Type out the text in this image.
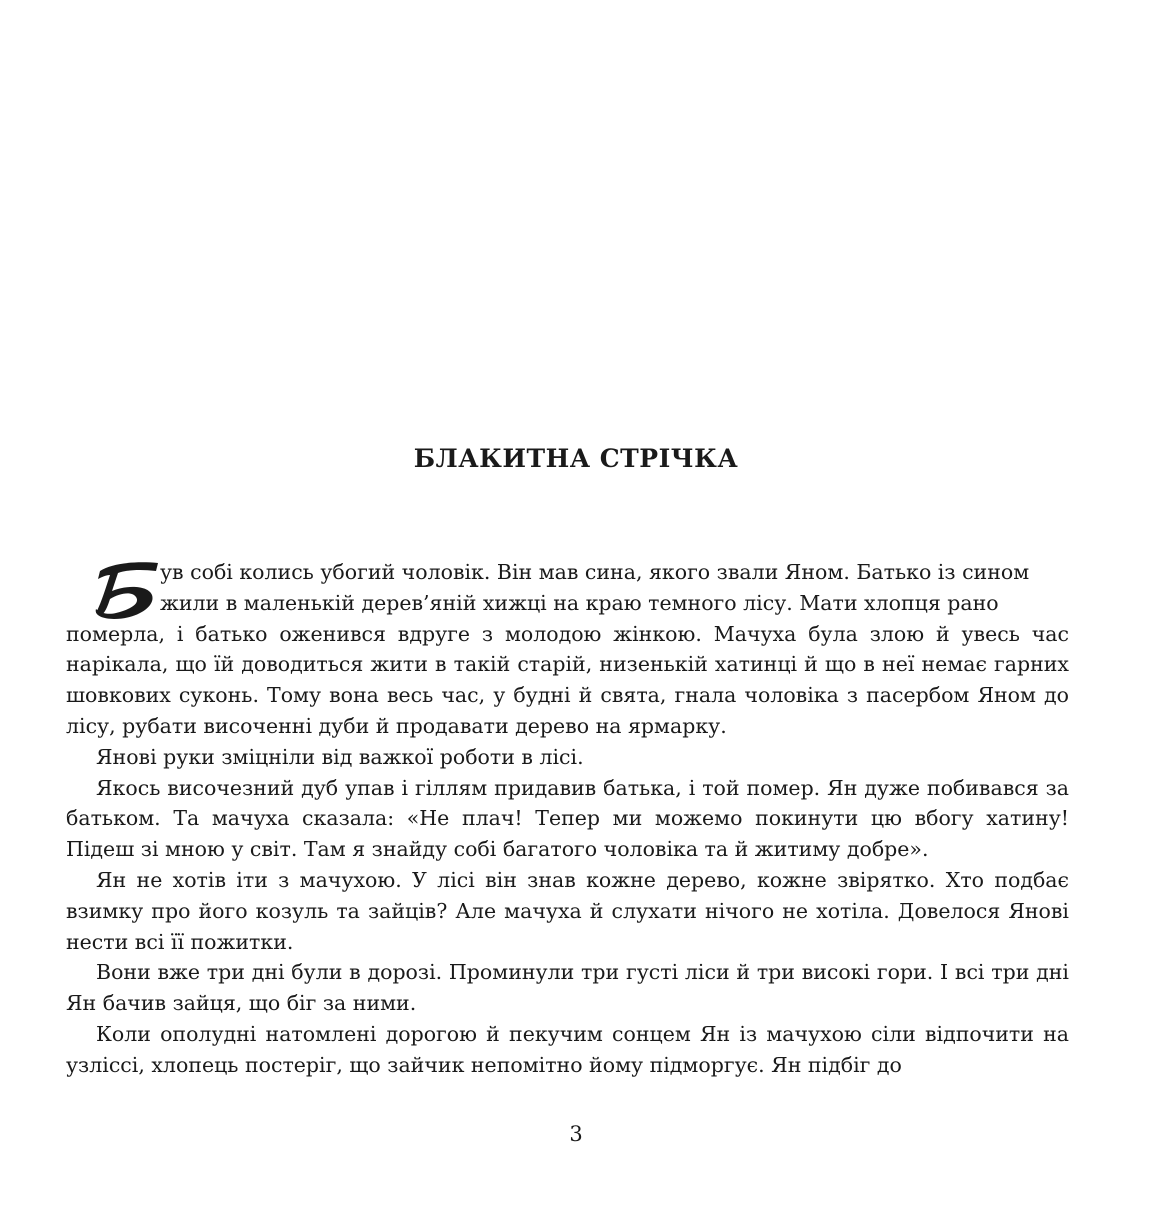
БЛАКИТНА СТРІЧКА

ув собі колись убогий чоловік. Він мав сина, якого звали Яном. Батько із сином
жили в маленькій дерев’яній хижці на краю темного лісу. Мати хлопця рано
померла, і батько оженився вдруге з молодою жінкою. Мачуха була злою й увесь час нарікала, що їй доводиться жити в такій старій, низенькій хатинці й що в неї немає гарних шовкових суконь. Тому вона весь час, у будні й свята, гнала чоловіка з пасербом Яном до лісу, рубати височенні дуби й продавати дерево на ярмарку.

Янові руки зміцніли від важкої роботи в лісі.

Якось височезний дуб упав і гіллям придавив батька, і той помер. Ян дуже побивався за батьком. Та мачуха сказала: «Не плач! Тепер ми можемо покинути цю вбогу хатину! Підеш зі мною у світ. Там я знайду собі багатого чоловіка та й житиму добре».

Ян не хотів іти з мачухою. У лісі він знав кожне дерево, кожне звірятко. Хто подбає взимку про його козуль та зайців? Але мачуха й слухати нічого не хотіла. Довелося Янові нести всі її пожитки.

Вони вже три дні були в дорозі. Проминули три густі ліси й три високі гори. І всі три дні Ян бачив зайця, що біг за ними.

Коли опoлудні натомлені дорогою й пекучим сонцем Ян із мачухою сіли відпочити на узліссі, хлопець постеріг, що зайчик непомітно йому підморгує. Ян підбіг до

3
